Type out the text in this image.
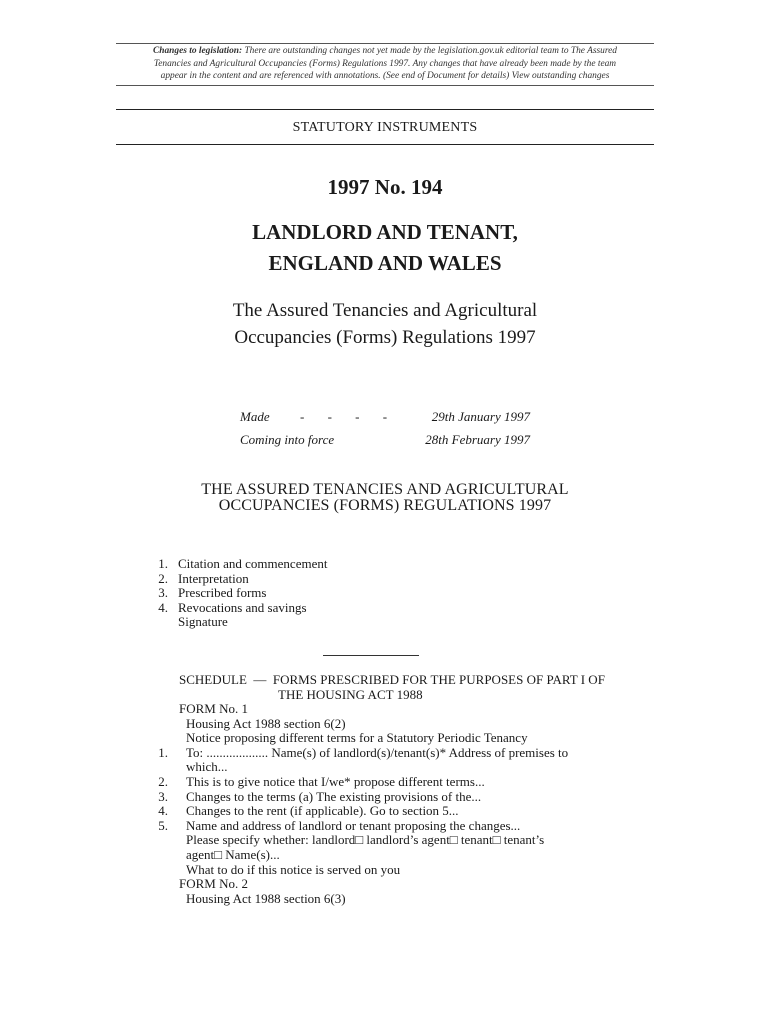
Changes to legislation: There are outstanding changes not yet made by the legislation.gov.uk editorial team to The Assured
Tenancies and Agricultural Occupancies (Forms) Regulations 1997. Any changes that have already been made by the team
appear in the content and are referenced with annotations. (See end of Document for details) View outstanding changes
STATUTORY INSTRUMENTS
1997 No. 194
LANDLORD AND TENANT,
ENGLAND AND WALES
The Assured Tenancies and Agricultural
Occupancies (Forms) Regulations 1997
Made - - - -	29th January 1997
Coming into force	28th February 1997
THE ASSURED TENANCIES AND AGRICULTURAL
OCCUPANCIES (FORMS) REGULATIONS 1997
1. Citation and commencement
2. Interpretation
3. Prescribed forms
4. Revocations and savings
Signature
SCHEDULE  —  FORMS PRESCRIBED FOR THE PURPOSES OF PART I OF
THE HOUSING ACT 1988
FORM No. 1
Housing Act 1988 section 6(2)
Notice proposing different terms for a Statutory Periodic Tenancy
1. To: ................... Name(s) of landlord(s)/tenant(s)* Address of premises to
which...
2. This is to give notice that I/we* propose different terms...
3. Changes to the terms (a) The existing provisions of the...
4. Changes to the rent (if applicable). Go to section 5...
5. Name and address of landlord or tenant proposing the changes...
Please specify whether: landlord□ landlord’s agent□ tenant□ tenant’s
agent□ Name(s)...
What to do if this notice is served on you
FORM No. 2
Housing Act 1988 section 6(3)
